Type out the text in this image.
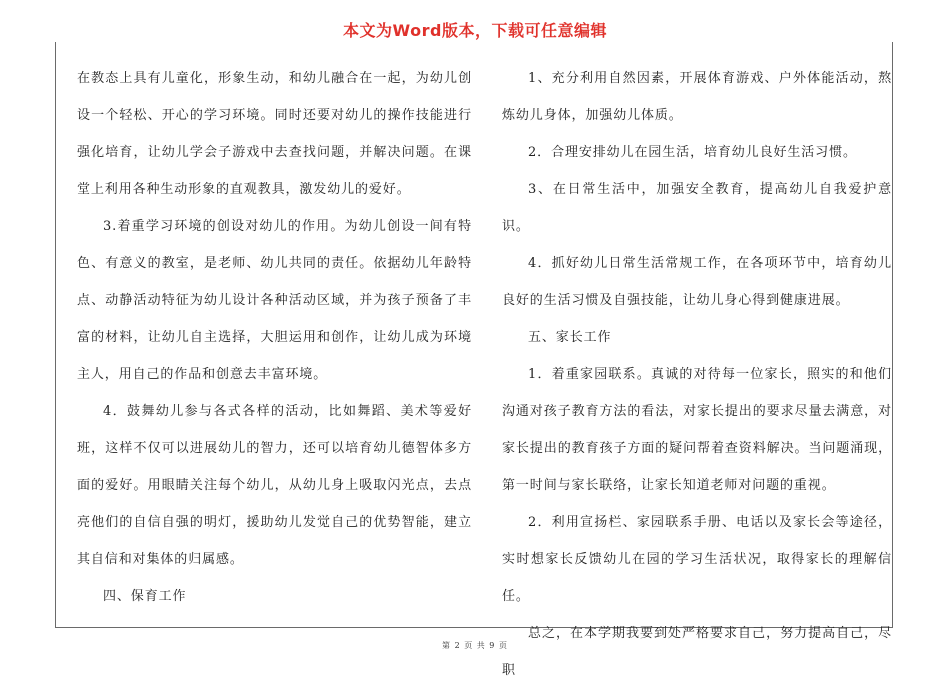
本文为Word版本，下载可任意编辑

在教态上具有儿童化，形象生动，和幼儿融合在一起，为幼儿创设一个轻松、开心的学习环境。同时还要对幼儿的操作技能进行强化培育，让幼儿学会子游戏中去查找问题，并解决问题。在课堂上利用各种生动形象的直观教具，激发幼儿的爱好。

3.着重学习环境的创设对幼儿的作用。为幼儿创设一间有特色、有意义的教室，是老师、幼儿共同的责任。依据幼儿年龄特点、动静活动特征为幼儿设计各种活动区域，并为孩子预备了丰富的材料，让幼儿自主选择，大胆运用和创作，让幼儿成为环境主人，用自己的作品和创意去丰富环境。

4．鼓舞幼儿参与各式各样的活动，比如舞蹈、美术等爱好班，这样不仅可以进展幼儿的智力，还可以培育幼儿德智体多方面的爱好。用眼睛关注每个幼儿，从幼儿身上吸取闪光点，去点亮他们的自信自强的明灯，援助幼儿发觉自己的优势智能，建立其自信和对集体的归属感。

四、保育工作

1、充分利用自然因素，开展体育游戏、户外体能活动，熬炼幼儿身体，加强幼儿体质。

2．合理安排幼儿在园生活，培育幼儿良好生活习惯。

3、在日常生活中，加强安全教育，提高幼儿自我爱护意识。

4．抓好幼儿日常生活常规工作，在各项环节中，培育幼儿良好的生活习惯及自强技能，让幼儿身心得到健康进展。

五、家长工作

1．着重家园联系。真诚的对待每一位家长，照实的和他们沟通对孩子教育方法的看法，对家长提出的要求尽量去满意，对家长提出的教育孩子方面的疑问帮着查资料解决。当问题涌现，第一时间与家长联络，让家长知道老师对问题的重视。

2．利用宣扬栏、家园联系手册、电话以及家长会等途径，实时想家长反馈幼儿在园的学习生活状况，取得家长的理解信任。

总之，在本学期我要到处严格要求自己，努力提高自己，尽职

第 2 页 共 9 页
